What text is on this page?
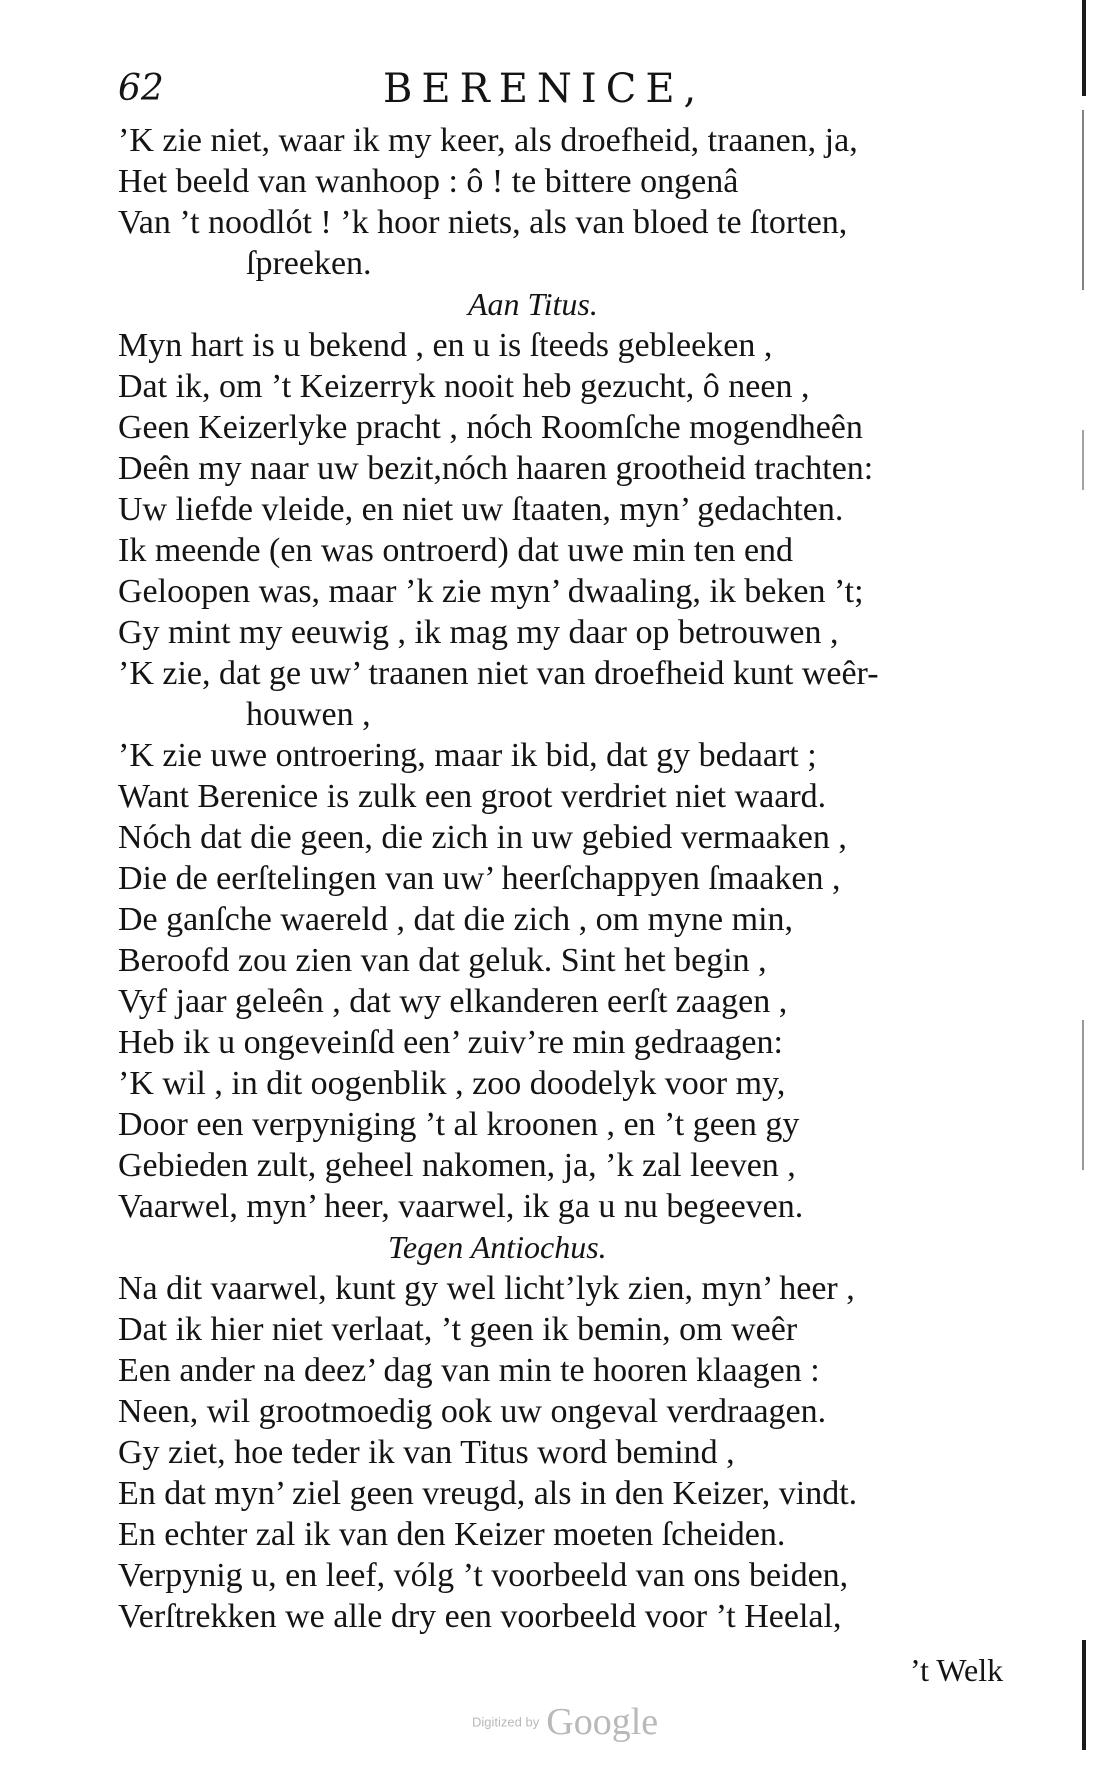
62	BERENICE,
’K zie niet, waar ik my keer, als droefheid, traanen, ja,
Het beeld van wanhoop : ô ! te bittere ongenâ
Van ’t noodlót ! ’k hoor niets, als van bloed te ſtorten,
ſpreeken.
Aan Titus.
Myn hart is u bekend , en u is ſteeds gebleeken ,
Dat ik, om ’t Keizerryk nooit heb gezucht, ô neen ,
Geen Keizerlyke pracht , nóch Roomſche mogendheên
Deên my naar uw bezit,nóch haaren grootheid trachten:
Uw liefde vleide, en niet uw ſtaaten, myn’ gedachten.
Ik meende (en was ontroerd) dat uwe min ten end
Geloopen was, maar ’k zie myn’ dwaaling, ik beken ’t;
Gy mint my eeuwig , ik mag my daar op betrouwen ,
’K zie, dat ge uw’ traanen niet van droefheid kunt weêr-
houwen ,
’K zie uwe ontroering, maar ik bid, dat gy bedaart ;
Want Berenice is zulk een groot verdriet niet waard.
Nóch dat die geen, die zich in uw gebied vermaaken ,
Die de eerſtelingen van uw’ heerſchappyen ſmaaken ,
De ganſche waereld , dat die zich , om myne min,
Beroofd zou zien van dat geluk. Sint het begin ,
Vyf jaar geleên , dat wy elkanderen eerſt zaagen ,
Heb ik u ongeveinſd een’ zuiv’re min gedraagen:
’K wil , in dit oogenblik , zoo doodelyk voor my,
Door een verpyniging ’t al kroonen , en ’t geen gy
Gebieden zult, geheel nakomen, ja, ’k zal leeven ,
Vaarwel, myn’ heer, vaarwel, ik ga u nu begeeven.
Tegen Antiochus.
Na dit vaarwel, kunt gy wel licht’lyk zien, myn’ heer ,
Dat ik hier niet verlaat, ’t geen ik bemin, om weêr
Een ander na deez’ dag van min te hooren klaagen :
Neen, wil grootmoedig ook uw ongeval verdraagen.
Gy ziet, hoe teder ik van Titus word bemind ,
En dat myn’ ziel geen vreugd, als in den Keizer, vindt.
En echter zal ik van den Keizer moeten ſcheiden.
Verpynig u, en leef, vólg ’t voorbeeld van ons beiden,
Verſtrekken we alle dry een voorbeeld voor ’t Heelal,
’t Welk
Digitized by Google
